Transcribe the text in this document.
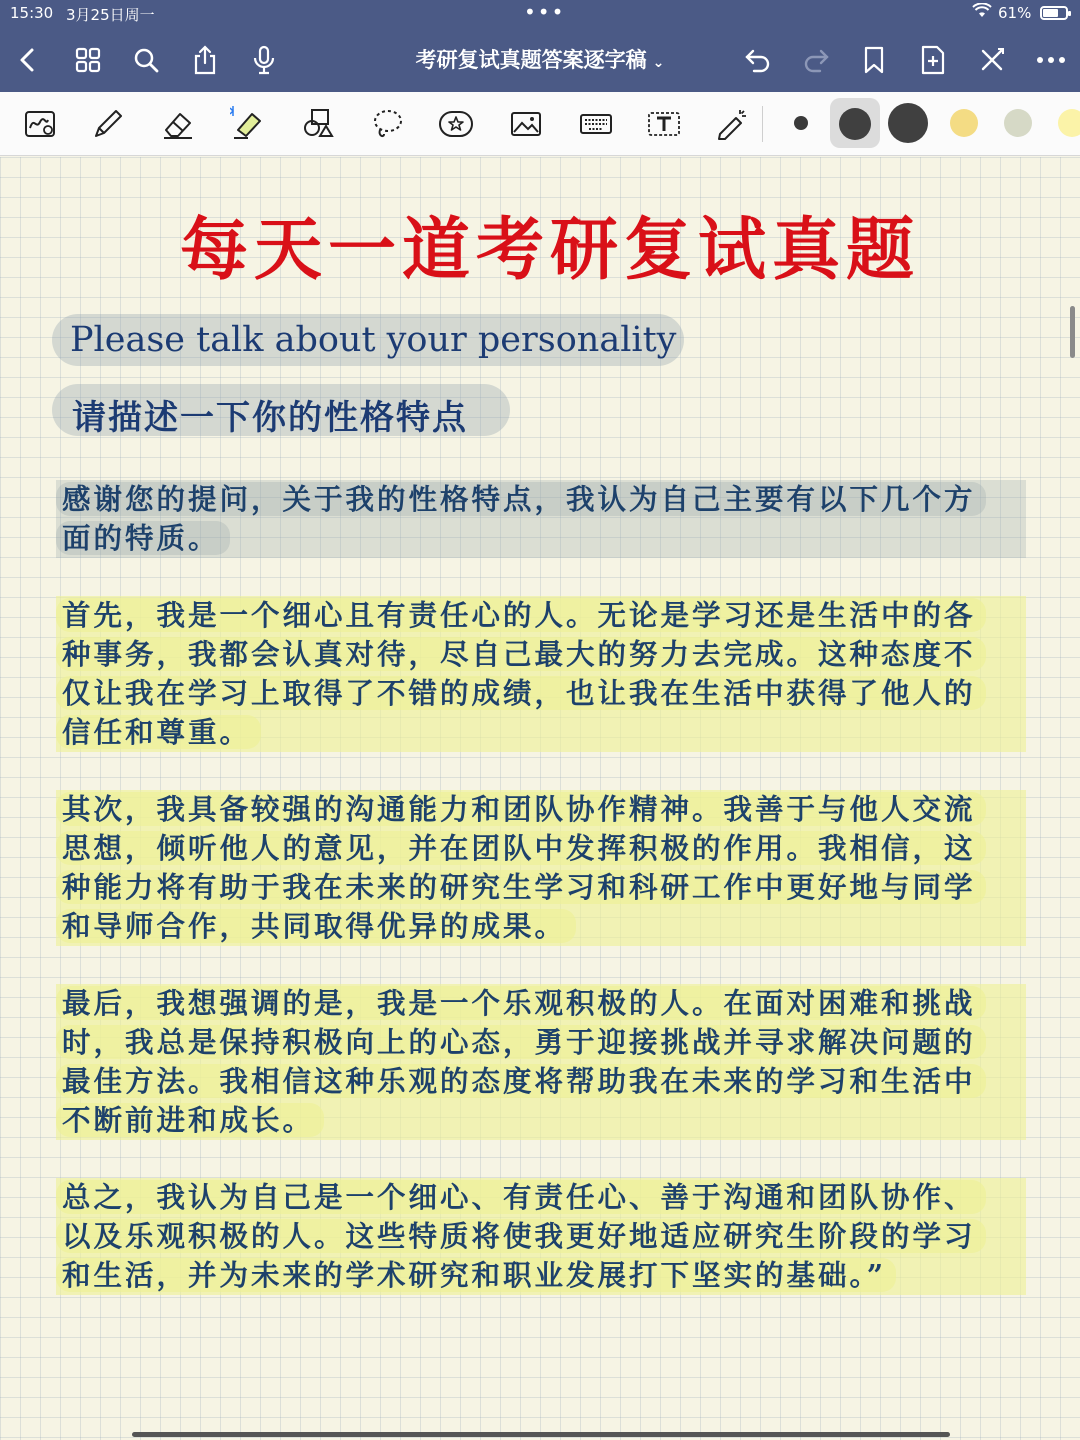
15:30 3月25日周一	•••	61%
考研复试真题答案逐字稿 ⌄
每天一道考研复试真题
Please talk about your personality
请描述一下你的性格特点
感谢您的提问，关于我的性格特点，我认为自己主要有以下几个方
面的特质。
首先，我是一个细心且有责任心的人。无论是学习还是生活中的各
种事务，我都会认真对待，尽自己最大的努力去完成。这种态度不
仅让我在学习上取得了不错的成绩，也让我在生活中获得了他人的
信任和尊重。
其次，我具备较强的沟通能力和团队协作精神。我善于与他人交流
思想，倾听他人的意见，并在团队中发挥积极的作用。我相信，这
种能力将有助于我在未来的研究生学习和科研工作中更好地与同学
和导师合作，共同取得优异的成果。
最后，我想强调的是，我是一个乐观积极的人。在面对困难和挑战
时，我总是保持积极向上的心态，勇于迎接挑战并寻求解决问题的
最佳方法。我相信这种乐观的态度将帮助我在未来的学习和生活中
不断前进和成长。
总之，我认为自己是一个细心、有责任心、善于沟通和团队协作、
以及乐观积极的人。这些特质将使我更好地适应研究生阶段的学习
和生活，并为未来的学术研究和职业发展打下坚实的基础。”
